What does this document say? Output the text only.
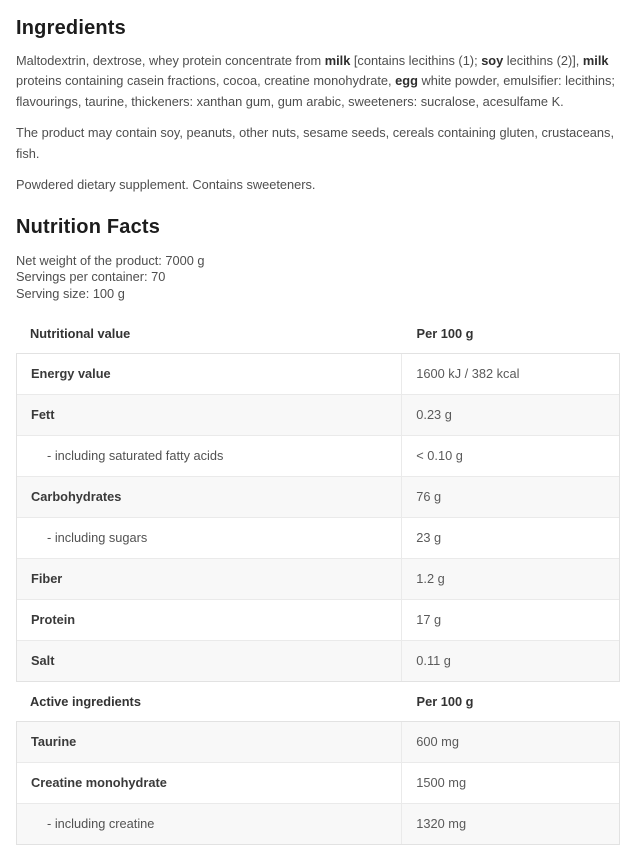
Ingredients

Maltodextrin, dextrose, whey protein concentrate from milk [contains lecithins (1); soy lecithins (2)], milk proteins containing casein fractions, cocoa, creatine monohydrate, egg white powder, emulsifier: lecithins; flavourings, taurine, thickeners: xanthan gum, gum arabic, sweeteners: sucralose, acesulfame K.

The product may contain soy, peanuts, other nuts, sesame seeds, cereals containing gluten, crustaceans, fish.

Powdered dietary supplement. Contains sweeteners.

Nutrition Facts
Net weight of the product: 7000 g
Servings per container: 70
Serving size: 100 g
Nutritional value	Per 100 g
Energy value	1600 kJ / 382 kcal
Fett	0.23 g
- including saturated fatty acids	< 0.10 g
Carbohydrates	76 g
- including sugars	23 g
Fiber	1.2 g
Protein	17 g
Salt	0.11 g
Active ingredients	Per 100 g
Taurine	600 mg
Creatine monohydrate	1500 mg
- including creatine	1320 mg
